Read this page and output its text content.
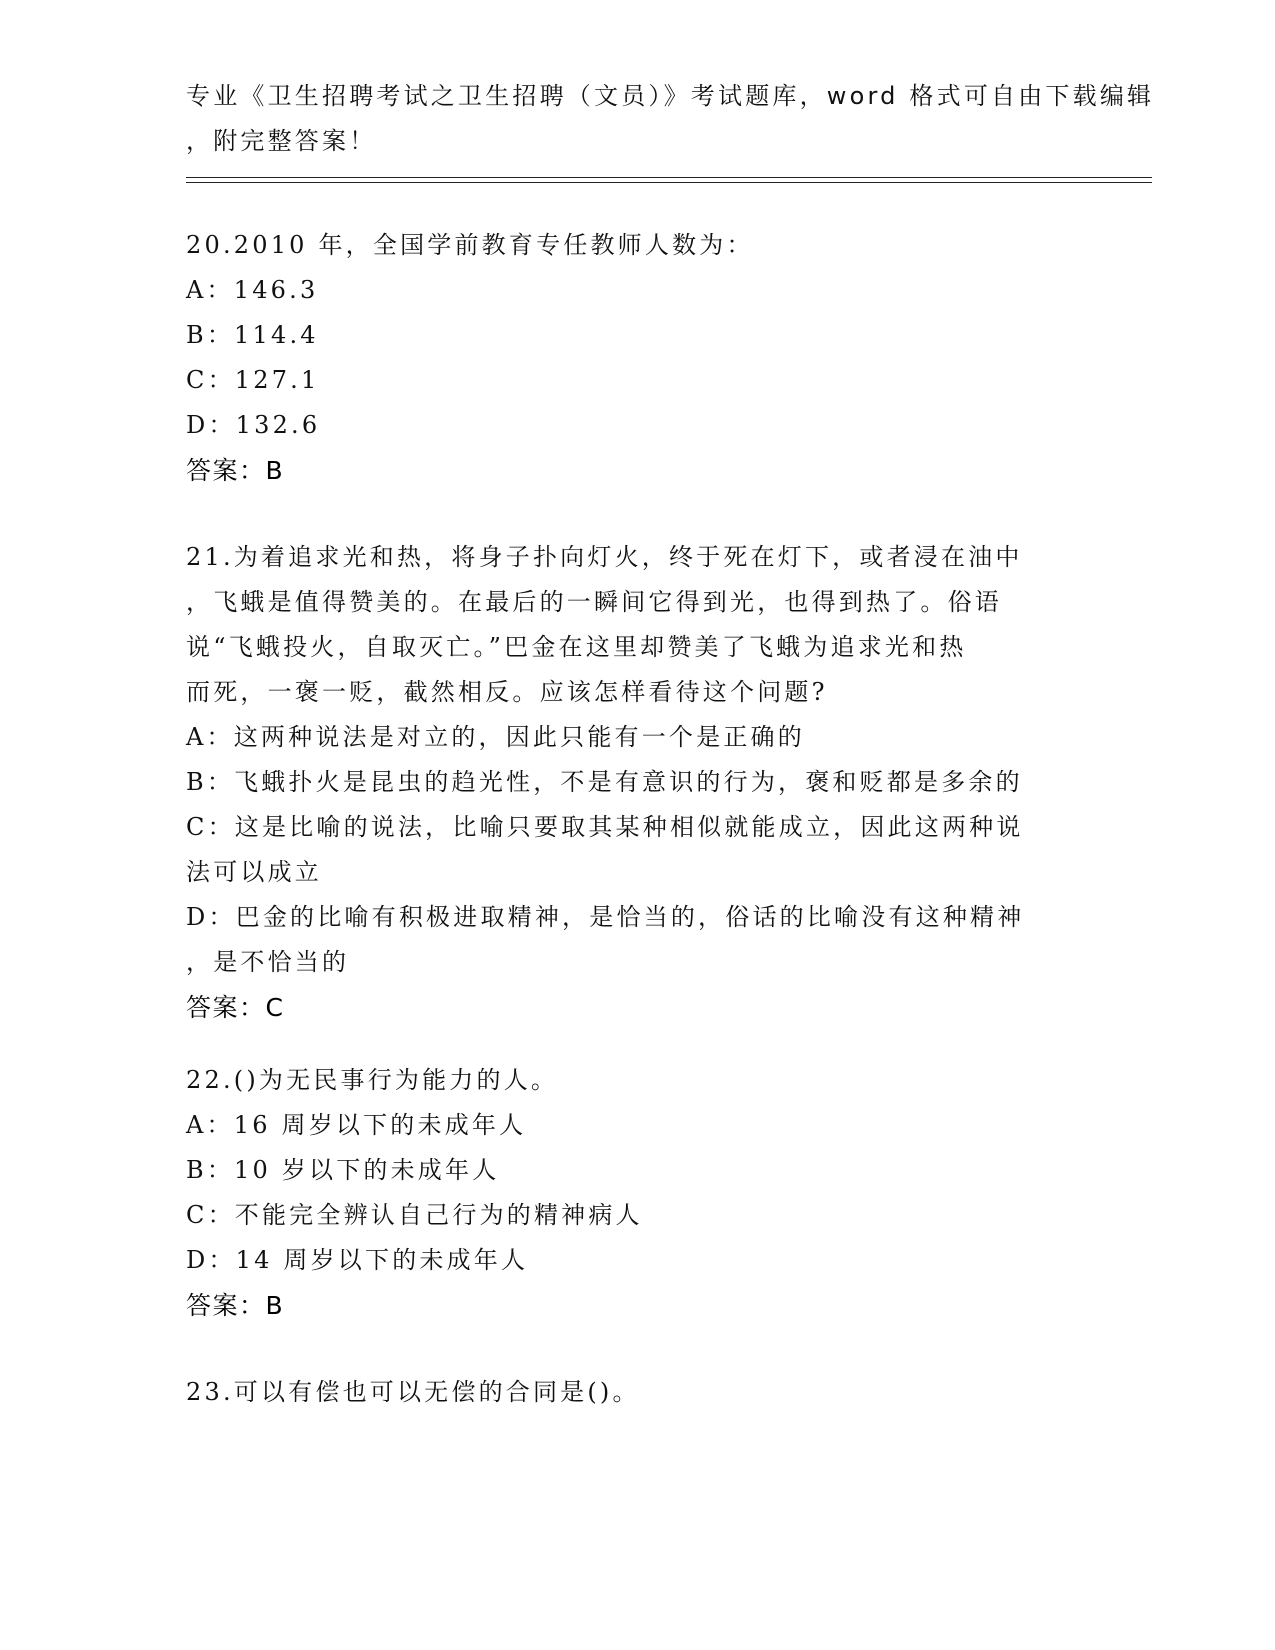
专业《卫生招聘考试之卫生招聘（文员）》考试题库，word 格式可自由下载编辑
，附完整答案！
20.2010 年，全国学前教育专任教师人数为：
A：146.3
B：114.4
C：127.1
D：132.6
答案：B
21.为着追求光和热，将身子扑向灯火，终于死在灯下，或者浸在油中
，飞蛾是值得赞美的。在最后的一瞬间它得到光，也得到热了。俗语
说“飞蛾投火，自取灭亡。”巴金在这里却赞美了飞蛾为追求光和热
而死，一褒一贬，截然相反。应该怎样看待这个问题?
A：这两种说法是对立的，因此只能有一个是正确的
B：飞蛾扑火是昆虫的趋光性，不是有意识的行为，褒和贬都是多余的
C：这是比喻的说法，比喻只要取其某种相似就能成立，因此这两种说
法可以成立
D：巴金的比喻有积极进取精神，是恰当的，俗话的比喻没有这种精神
，是不恰当的
答案：C
22.()为无民事行为能力的人。
A：16 周岁以下的未成年人
B：10 岁以下的未成年人
C：不能完全辨认自己行为的精神病人
D：14 周岁以下的未成年人
答案：B
23.可以有偿也可以无偿的合同是()。
